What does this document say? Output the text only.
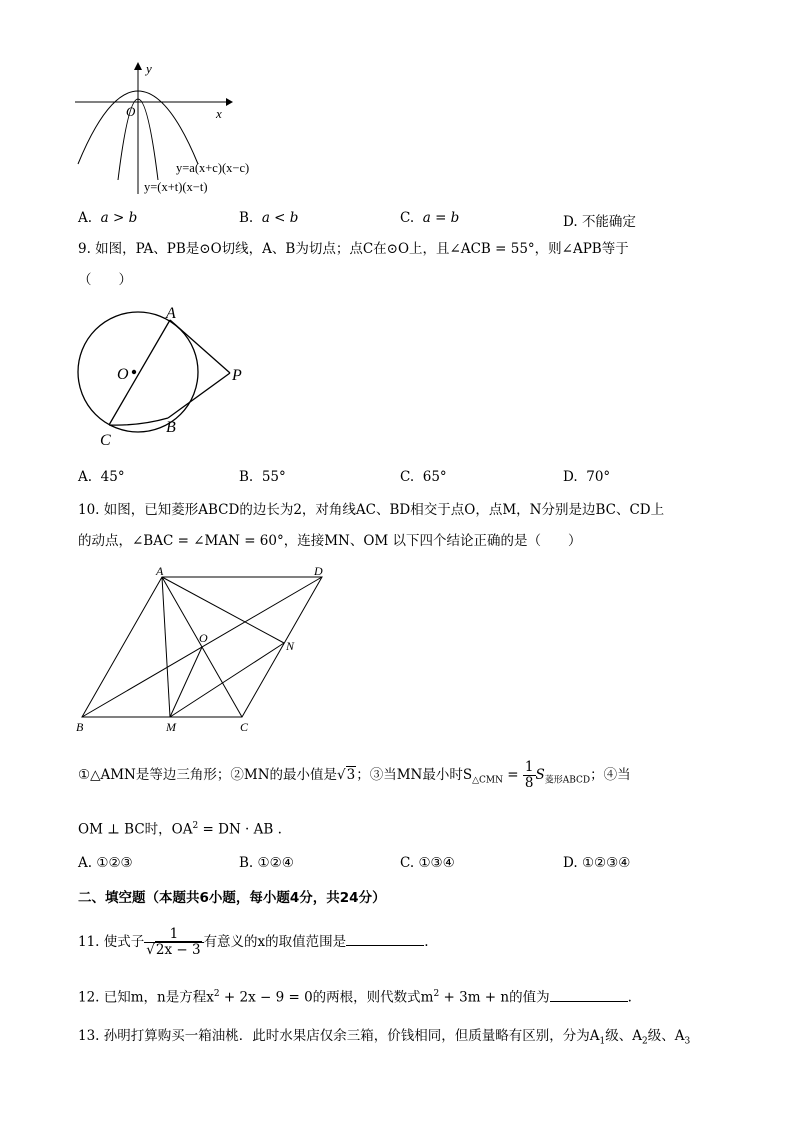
y
x
O
y=a(x+c)(x−c)
y=(x+t)(x−t)
A. a > b	B. a < b	C. a = b	D. 不能确定
9. 如图，PA、PB是⊙O切线，A、B为切点；点C在⊙O上，且∠ACB = 55°，则∠APB等于
（　　）
A
O	P
C
B
A. 45°	B. 55°	C. 65°	D. 70°
10. 如图，已知菱形ABCD的边长为2，对角线AC、BD相交于点O，点M，N分别是边BC、CD上
的动点，∠BAC = ∠MAN = 60°，连接MN、OM 以下四个结论正确的是（　　）
A	D
O
N
B	M	C
①△AMN是等边三角形；②MN的最小值是√3；③当MN最小时$S_{\triangle CMN} = \frac{1}{8} S_{菱形ABCD}$；④当
OM ⊥ BC时，$OA^2$ = DN · AB .
A. ①②③	B. ①②④	C. ①③④	D. ①②③④
二、填空题（本题共6小题，每小题4分，共24分）
11. 使式子 $\frac{1}{√2x - 3}$ 有意义的x的取值范围是	.
12. 已知m，n是方程$x^2 + 2x - 9 = 0$的两根，则代数式$m^2 + 3m + n$的值为	.
13. 孙明打算购买一箱油桃．此时水果店仅余三箱，价钱相同，但质量略有区别，分为$A_1$级、$A_2$级、$A_3$
